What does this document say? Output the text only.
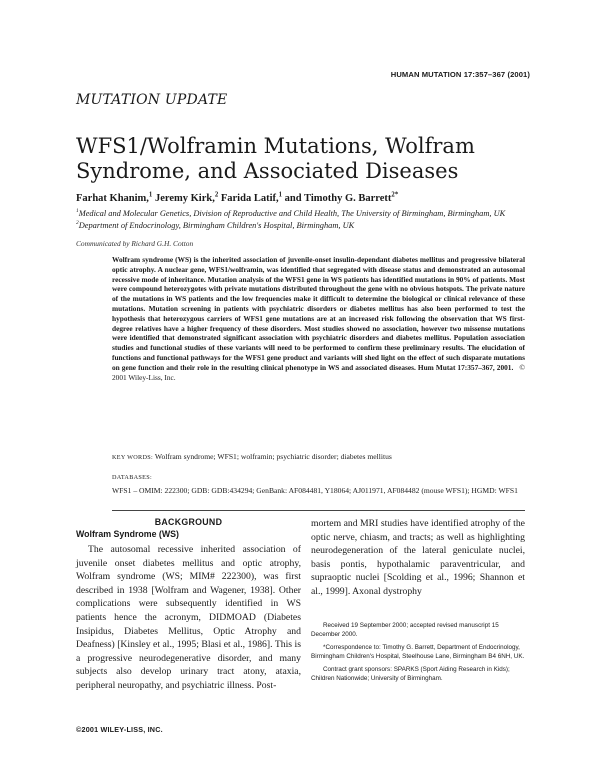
HUMAN MUTATION 17:357–367 (2001)
MUTATION UPDATE
WFS1/Wolframin Mutations, Wolfram Syndrome, and Associated Diseases
Farhat Khanim,$^1$ Jeremy Kirk,$^2$ Farida Latif,$^1$ and Timothy G. Barrett$^{2*}$
$^1$Medical and Molecular Genetics, Division of Reproductive and Child Health, The University of Birmingham, Birmingham, UK
$^2$Department of Endocrinology, Birmingham Children's Hospital, Birmingham, UK
Communicated by Richard G.H. Cotton
Wolfram syndrome (WS) is the inherited association of juvenile-onset insulin-dependant diabetes mellitus and progressive bilateral optic atrophy. A nuclear gene, WFS1/wolframin, was identified that segregated with disease status and demonstrated an autosomal recessive mode of inheritance. Mutation analysis of the WFS1 gene in WS patients has identified mutations in 90% of patients. Most were compound heterozygotes with private mutations distributed throughout the gene with no obvious hotspots. The private nature of the mutations in WS patients and the low frequencies make it difficult to determine the biological or clinical relevance of these mutations. Mutation screening in patients with psychiatric disorders or diabetes mellitus has also been performed to test the hypothesis that heterozygous carriers of WFS1 gene mutations are at an increased risk following the observation that WS first-degree relatives have a higher frequency of these disorders. Most studies showed no association, however two missense mutations were identified that demonstrated significant association with psychiatric disorders and diabetes mellitus. Population association studies and functional studies of these variants will need to be performed to confirm these preliminary results. The elucidation of functions and functional pathways for the WFS1 gene product and variants will shed light on the effect of such disparate mutations on gene function and their role in the resulting clinical phenotype in WS and associated diseases. Hum Mutat 17:357–367, 2001. © 2001 Wiley-Liss, Inc.
KEY WORDS: Wolfram syndrome; WFS1; wolframin; psychiatric disorder; diabetes mellitus
DATABASES:
WFS1 – OMIM: 222300; GDB: GDB:434294; GenBank: AF084481, Y18064; AJ011971, AF084482 (mouse WFS1); HGMD: WFS1
BACKGROUND
Wolfram Syndrome (WS)
The autosomal recessive inherited association of juvenile onset diabetes mellitus and optic atrophy, Wolfram syndrome (WS; MIM# 222300), was first described in 1938 [Wolfram and Wagener, 1938]. Other complications were subsequently identified in WS patients hence the acronym, DIDMOAD (Diabetes Insipidus, Diabetes Mellitus, Optic Atrophy and Deafness) [Kinsley et al., 1995; Blasi et al., 1986]. This is a progressive neurodegenerative disorder, and many subjects also develop urinary tract atony, ataxia, peripheral neuropathy, and psychiatric illness. Post-
mortem and MRI studies have identified atrophy of the optic nerve, chiasm, and tracts; as well as highlighting neurodegeneration of the lateral geniculate nuclei, basis pontis, hypothalamic paraventricular, and supraoptic nuclei [Scolding et al., 1996; Shannon et al., 1999]. Axonal dystrophy

Received 19 September 2000; accepted revised manuscript 15 December 2000.

*Correspondence to: Timothy G. Barrett, Department of Endocrinology, Birmingham Children's Hospital, Steelhouse Lane, Birmingham B4 6NH, UK.

Contract grant sponsors: SPARKS (Sport Aiding Research in Kids); Children Nationwide; University of Birmingham.

©2001 WILEY-LISS, INC.
